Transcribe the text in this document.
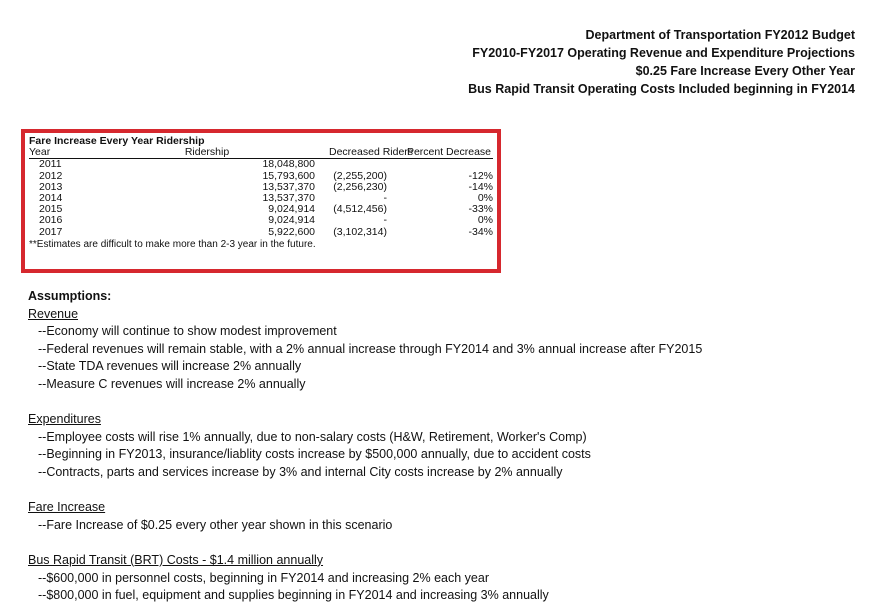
Department of Transportation FY2012 Budget
FY2010-FY2017 Operating Revenue and Expenditure Projections
$0.25 Fare Increase Every Other Year
Bus Rapid Transit Operating Costs Included beginning in FY2014
Fare Increase Every Year Ridership
Year	Ridership	Decreased Riders	Percent Decrease
2011	18,048,800		
2012	15,793,600	(2,255,200)	-12%
2013	13,537,370	(2,256,230)	-14%
2014	13,537,370	-	0%
2015	9,024,914	(4,512,456)	-33%
2016	9,024,914	-	0%
2017	5,922,600	(3,102,314)	-34%
**Estimates are difficult to make more than 2-3 year in the future.
Assumptions:
Revenue
--Economy will continue to show modest improvement
--Federal revenues will remain stable, with a 2% annual increase through FY2014 and 3% annual increase after FY2015
--State TDA revenues will increase 2% annually
--Measure C revenues will increase 2% annually
Expenditures
--Employee costs will rise 1% annually, due to non-salary costs (H&W, Retirement, Worker's Comp)
--Beginning in FY2013, insurance/liablity costs increase by $500,000 annually, due to accident costs
--Contracts, parts and services increase by 3% and internal City costs increase by 2% annually
Fare Increase
--Fare Increase of $0.25 every other year shown in this scenario
Bus Rapid Transit (BRT) Costs - $1.4 million annually
--$600,000 in personnel costs, beginning in FY2014 and increasing 2% each year
--$800,000 in fuel, equipment and supplies beginning in FY2014 and increasing 3% annually
